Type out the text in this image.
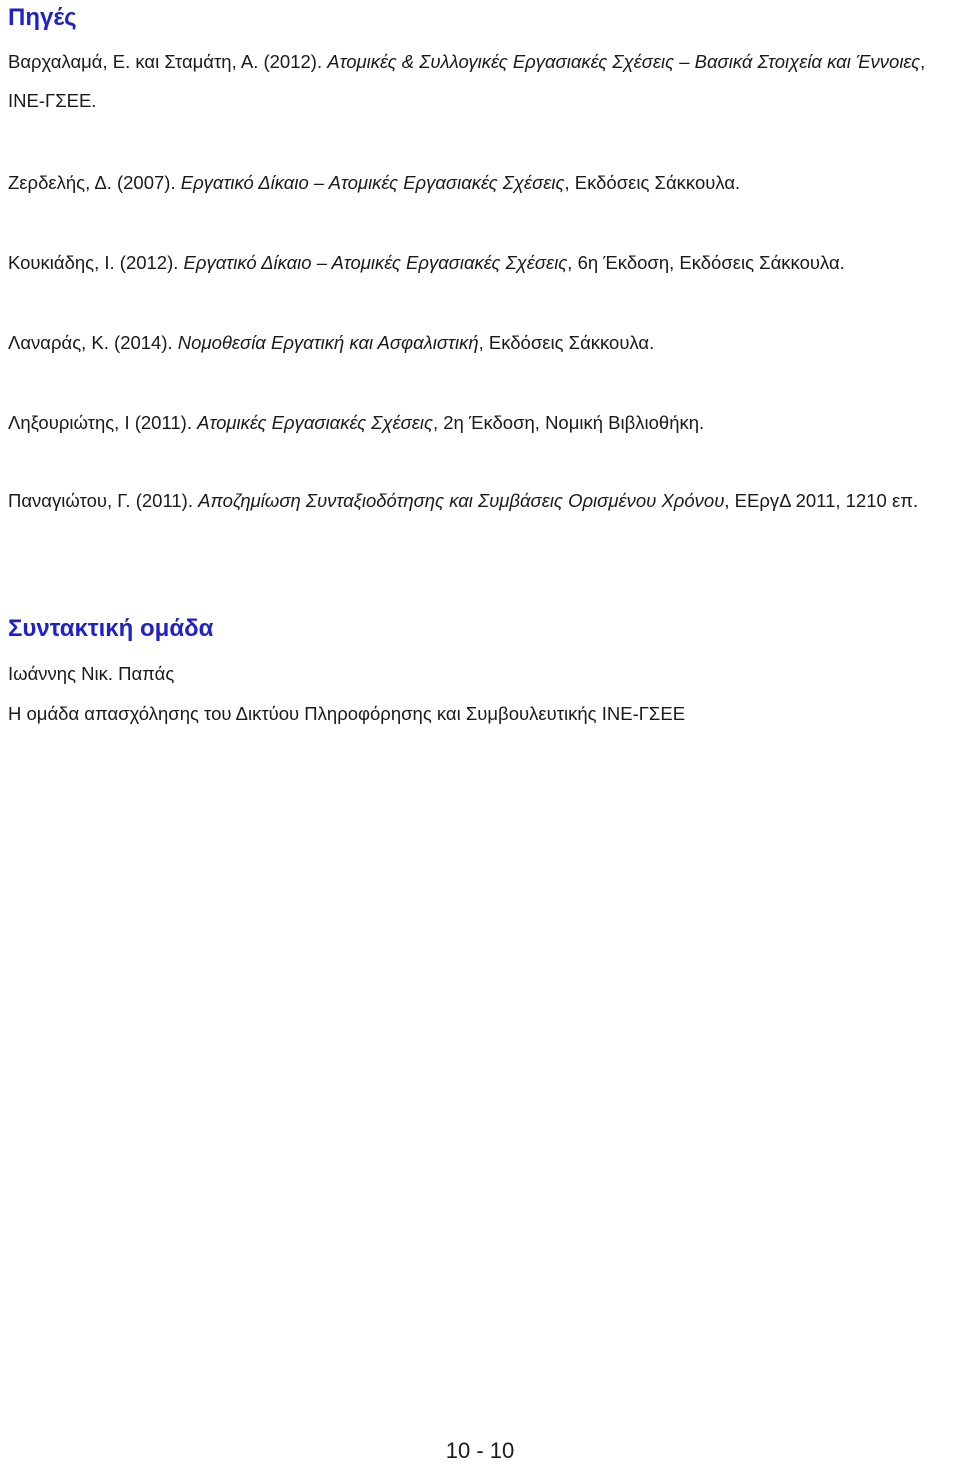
Πηγές

Βαρχαλαμά, Ε. και Σταμάτη, Α. (2012). Ατομικές & Συλλογικές Εργασιακές Σχέσεις – Βασικά Στοιχεία και Έννοιες, ΙΝΕ-ΓΣΕΕ.

Ζερδελής, Δ. (2007). Εργατικό Δίκαιο – Ατομικές Εργασιακές Σχέσεις, Εκδόσεις Σάκκουλα.

Κουκιάδης, Ι. (2012). Εργατικό Δίκαιο – Ατομικές Εργασιακές Σχέσεις, 6η Έκδοση, Εκδόσεις Σάκκουλα.

Λαναράς, Κ. (2014). Νομοθεσία Εργατική και Ασφαλιστική, Εκδόσεις Σάκκουλα.

Ληξουριώτης, Ι (2011). Ατομικές Εργασιακές Σχέσεις, 2η Έκδοση, Νομική Βιβλιοθήκη.

Παναγιώτου, Γ. (2011). Αποζημίωση Συνταξιοδότησης και Συμβάσεις Ορισμένου Χρόνου, ΕΕργΔ 2011, 1210 επ.

Συντακτική ομάδα

Ιωάννης Νικ. Παπάς

Η ομάδα απασχόλησης του Δικτύου Πληροφόρησης και Συμβουλευτικής ΙΝΕ-ΓΣΕΕ

10 - 10
